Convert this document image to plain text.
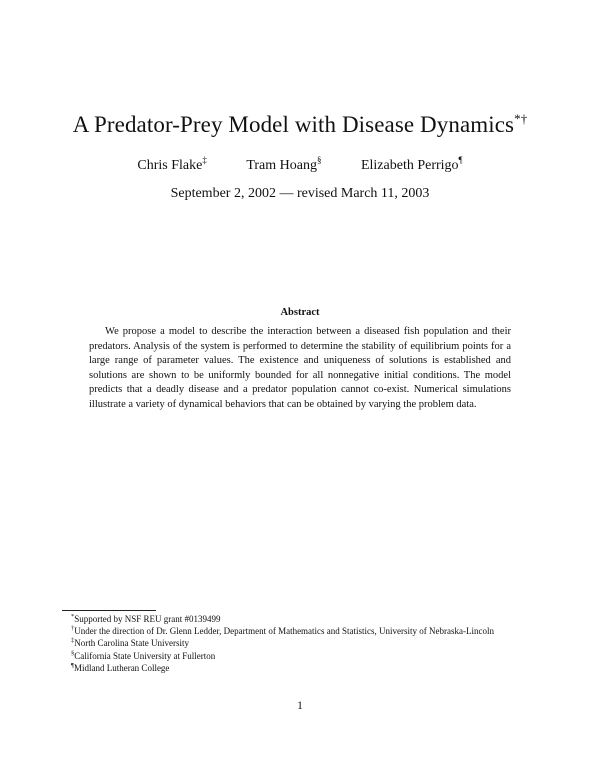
A Predator-Prey Model with Disease Dynamics*†
Chris Flake‡	Tram Hoang§	Elizabeth Perrigo¶
September 2, 2002 — revised March 11, 2003
Abstract

We propose a model to describe the interaction between a diseased fish population and their predators. Analysis of the system is performed to determine the stability of equilibrium points for a large range of parameter values. The existence and uniqueness of solutions is established and solutions are shown to be uniformly bounded for all nonnegative initial conditions. The model predicts that a deadly disease and a predator population cannot co-exist. Numerical simulations illustrate a variety of dynamical behaviors that can be obtained by varying the problem data.

*Supported by NSF REU grant #0139499
†Under the direction of Dr. Glenn Ledder, Department of Mathematics and Statistics, University of Nebraska-Lincoln
‡North Carolina State University
§California State University at Fullerton
¶Midland Lutheran College
1
